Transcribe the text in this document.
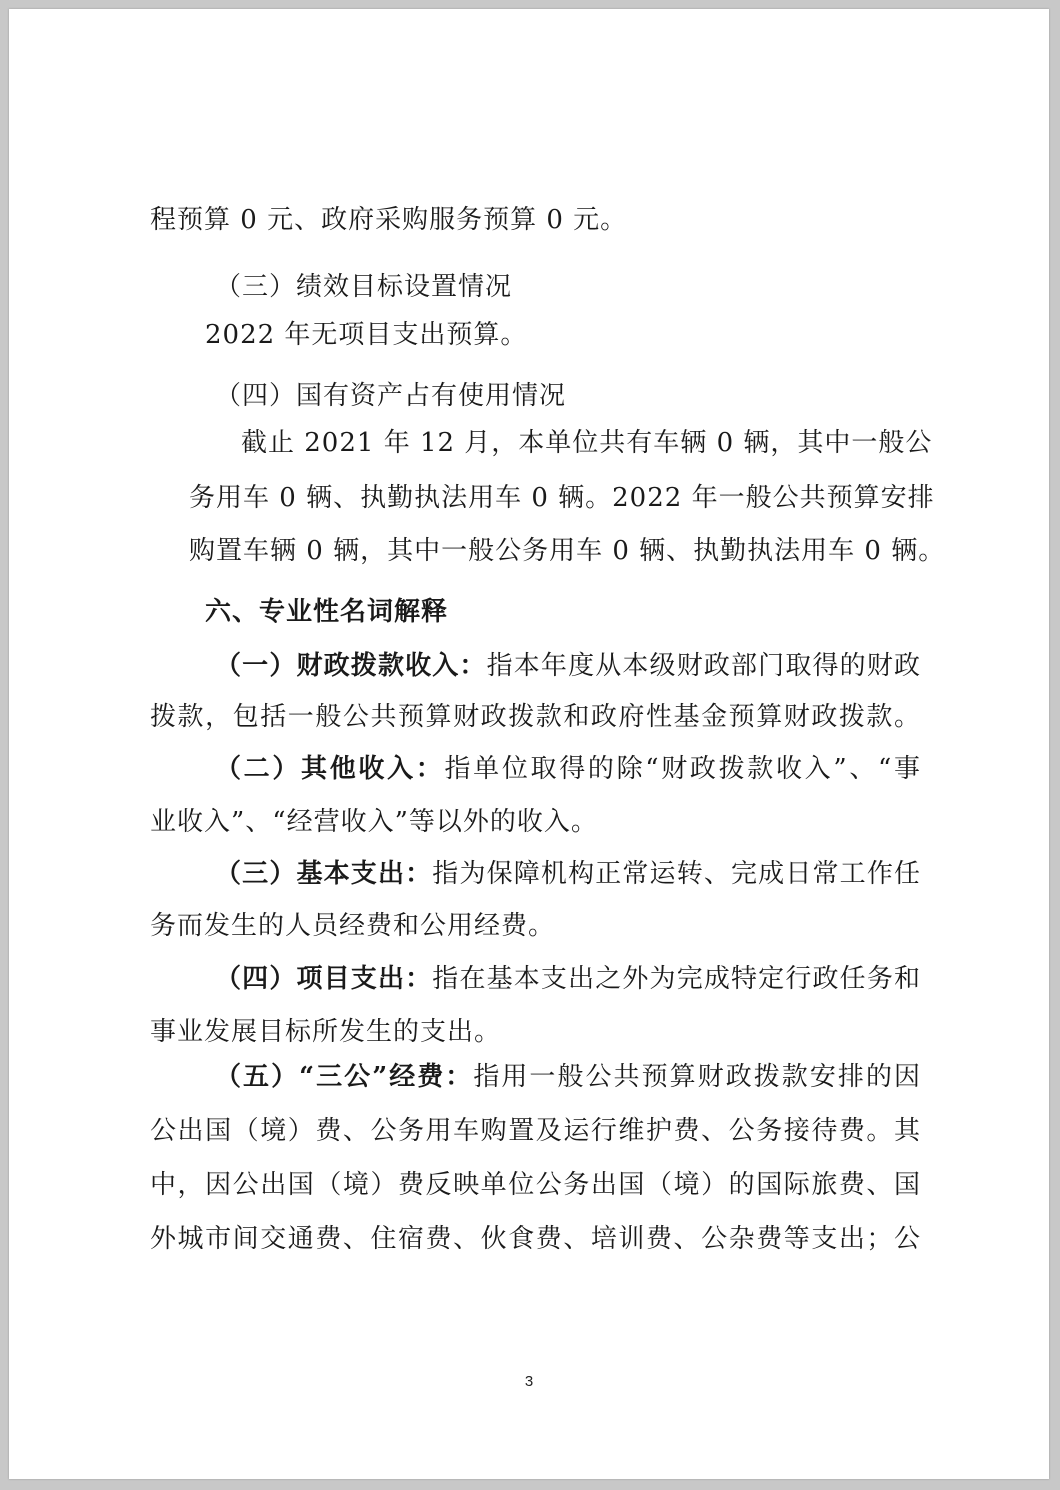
程预算 0 元、政府采购服务预算 0 元。
（三）绩效目标设置情况
2022 年无项目支出预算。
（四）国有资产占有使用情况
截止 2021 年 12 月，本单位共有车辆 0 辆，其中一般公
务用车 0 辆、执勤执法用车 0 辆。2022 年一般公共预算安排
购置车辆 0 辆，其中一般公务用车 0 辆、执勤执法用车 0 辆。
六、专业性名词解释
（一）财政拨款收入：指本年度从本级财政部门取得的财政
拨款，包括一般公共预算财政拨款和政府性基金预算财政拨款。
（二）其他收入：指单位取得的除“财政拨款收入”、“事
业收入”、“经营收入”等以外的收入。
（三）基本支出：指为保障机构正常运转、完成日常工作任
务而发生的人员经费和公用经费。
（四）项目支出：指在基本支出之外为完成特定行政任务和
事业发展目标所发生的支出。
（五）“三公”经费：指用一般公共预算财政拨款安排的因
公出国（境）费、公务用车购置及运行维护费、公务接待费。其
中，因公出国（境）费反映单位公务出国（境）的国际旅费、国
外城市间交通费、住宿费、伙食费、培训费、公杂费等支出；公
3
